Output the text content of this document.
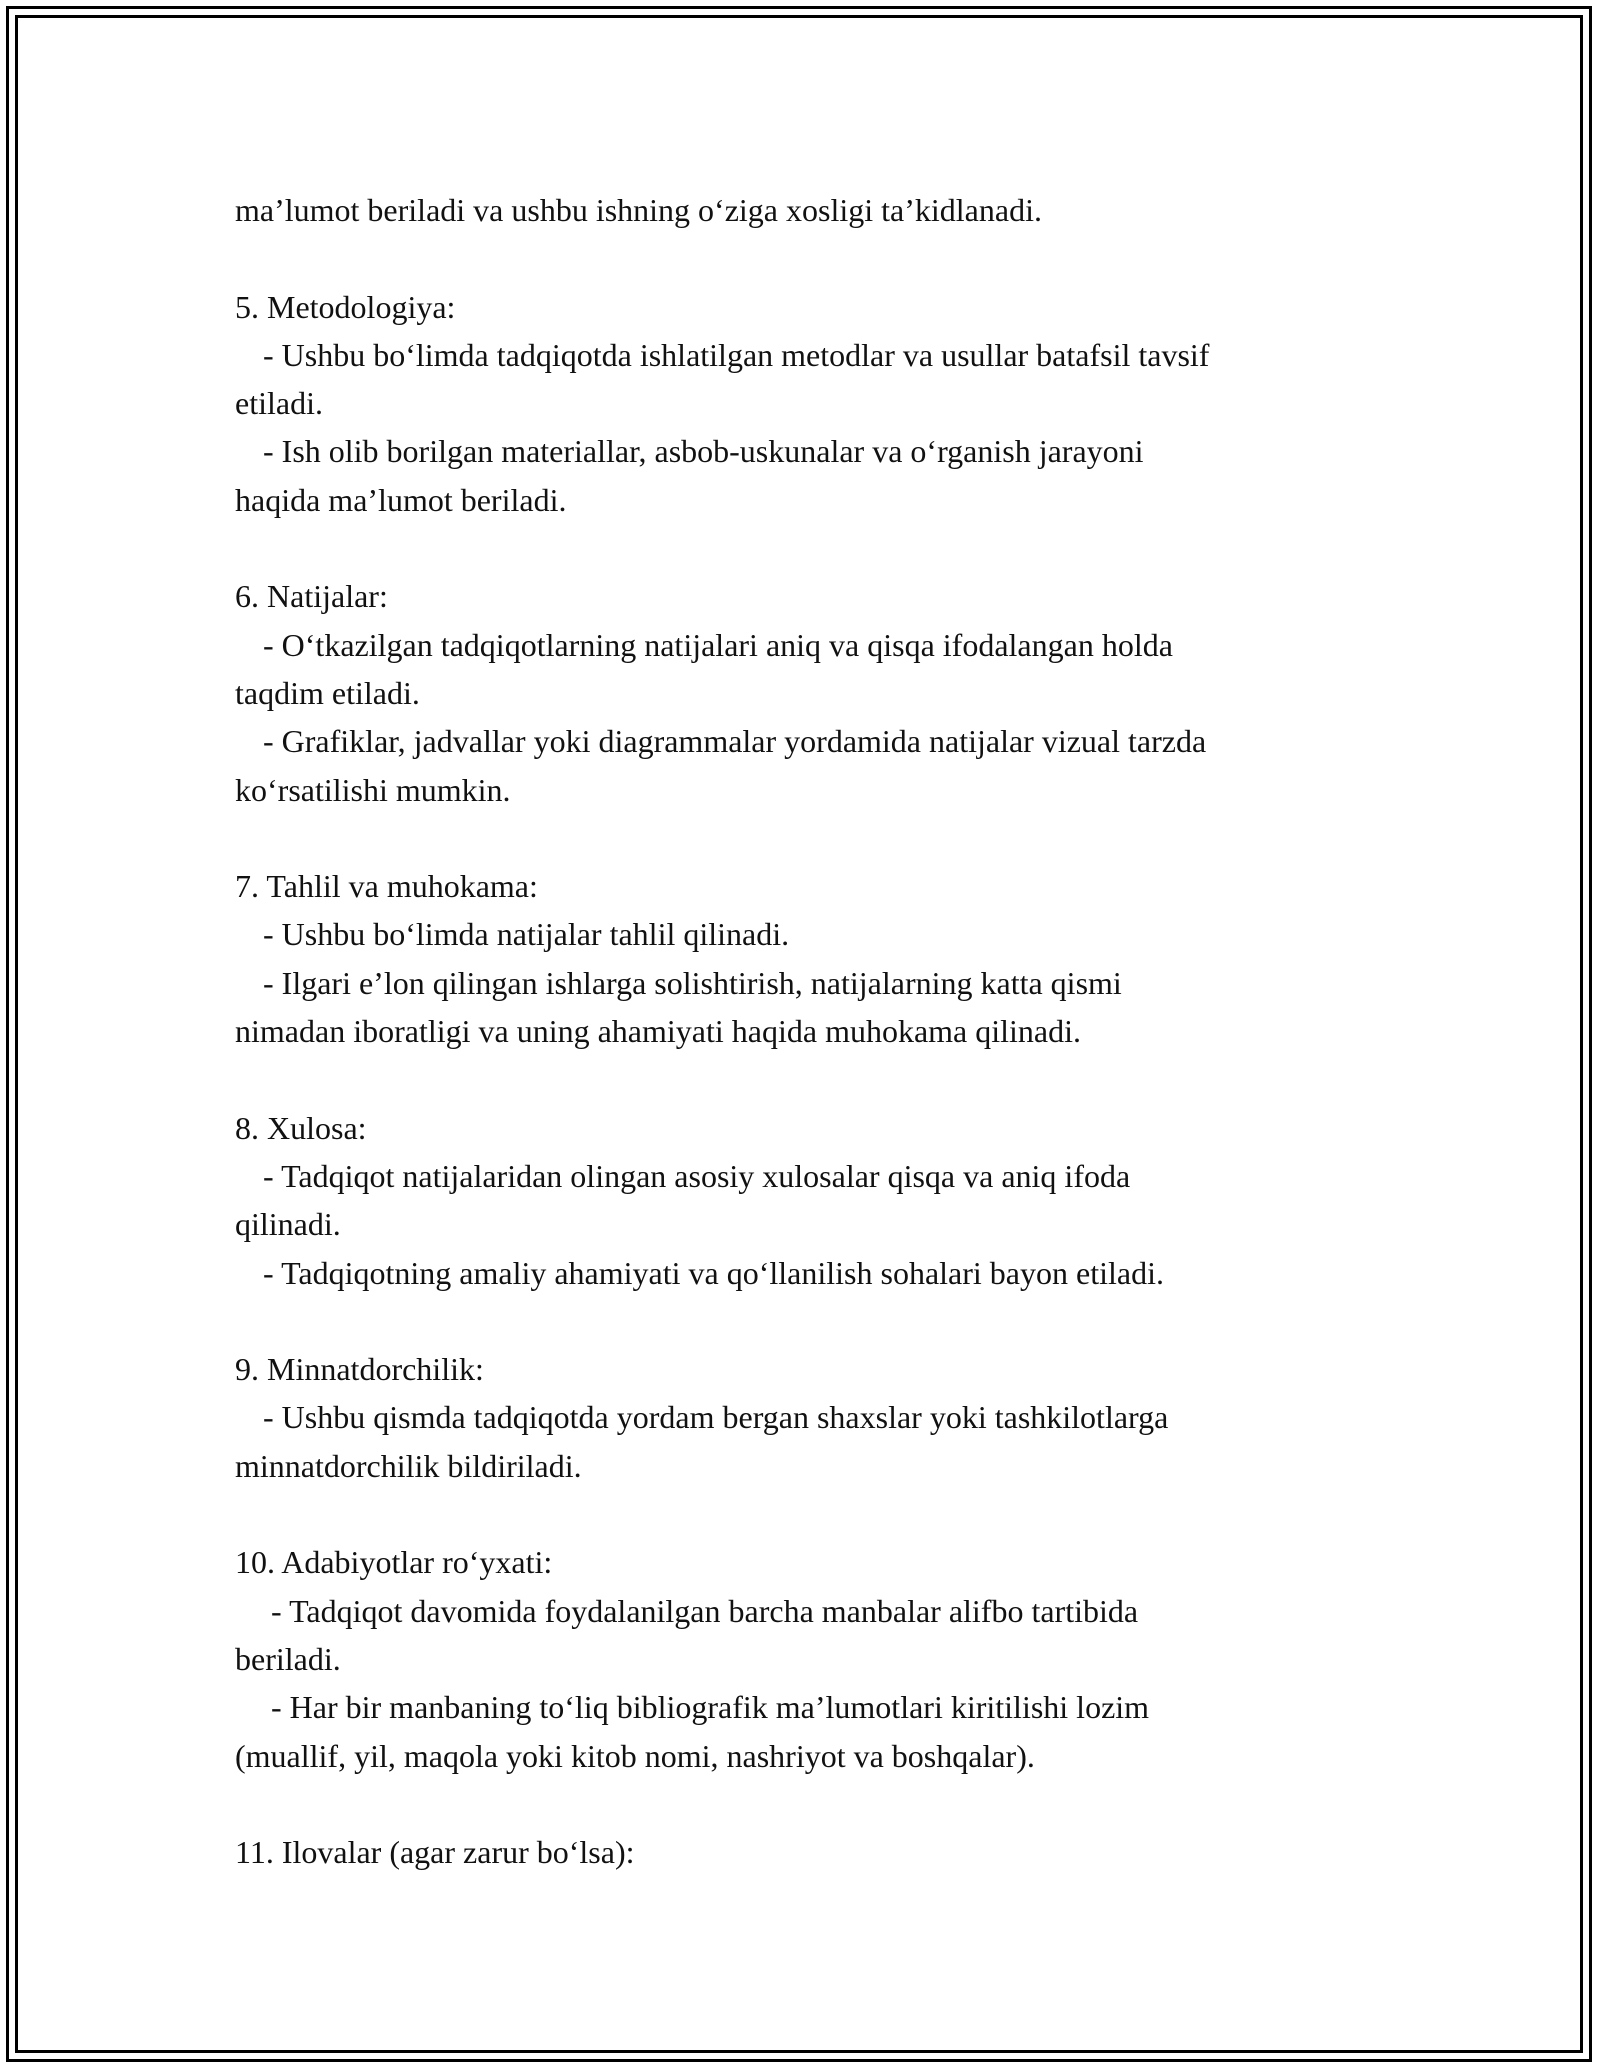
ma’lumot beriladi va ushbu ishning o‘ziga xosligi ta’kidlanadi.
5. Metodologiya:
- Ushbu bo‘limda tadqiqotda ishlatilgan metodlar va usullar batafsil tavsif
etiladi.
- Ish olib borilgan materiallar, asbob-uskunalar va o‘rganish jarayoni
haqida ma’lumot beriladi.
6. Natijalar:
- O‘tkazilgan tadqiqotlarning natijalari aniq va qisqa ifodalangan holda
taqdim etiladi.
- Grafiklar, jadvallar yoki diagrammalar yordamida natijalar vizual tarzda
ko‘rsatilishi mumkin.
7. Tahlil va muhokama:
- Ushbu bo‘limda natijalar tahlil qilinadi.
- Ilgari e’lon qilingan ishlarga solishtirish, natijalarning katta qismi
nimadan iboratligi va uning ahamiyati haqida muhokama qilinadi.
8. Xulosa:
- Tadqiqot natijalaridan olingan asosiy xulosalar qisqa va aniq ifoda
qilinadi.
- Tadqiqotning amaliy ahamiyati va qo‘llanilish sohalari bayon etiladi.
9. Minnatdorchilik:
- Ushbu qismda tadqiqotda yordam bergan shaxslar yoki tashkilotlarga
minnatdorchilik bildiriladi.
10. Adabiyotlar ro‘yxati:
- Tadqiqot davomida foydalanilgan barcha manbalar alifbo tartibida
beriladi.
- Har bir manbaning to‘liq bibliografik ma’lumotlari kiritilishi lozim
(muallif, yil, maqola yoki kitob nomi, nashriyot va boshqalar).
11. Ilovalar (agar zarur bo‘lsa):
